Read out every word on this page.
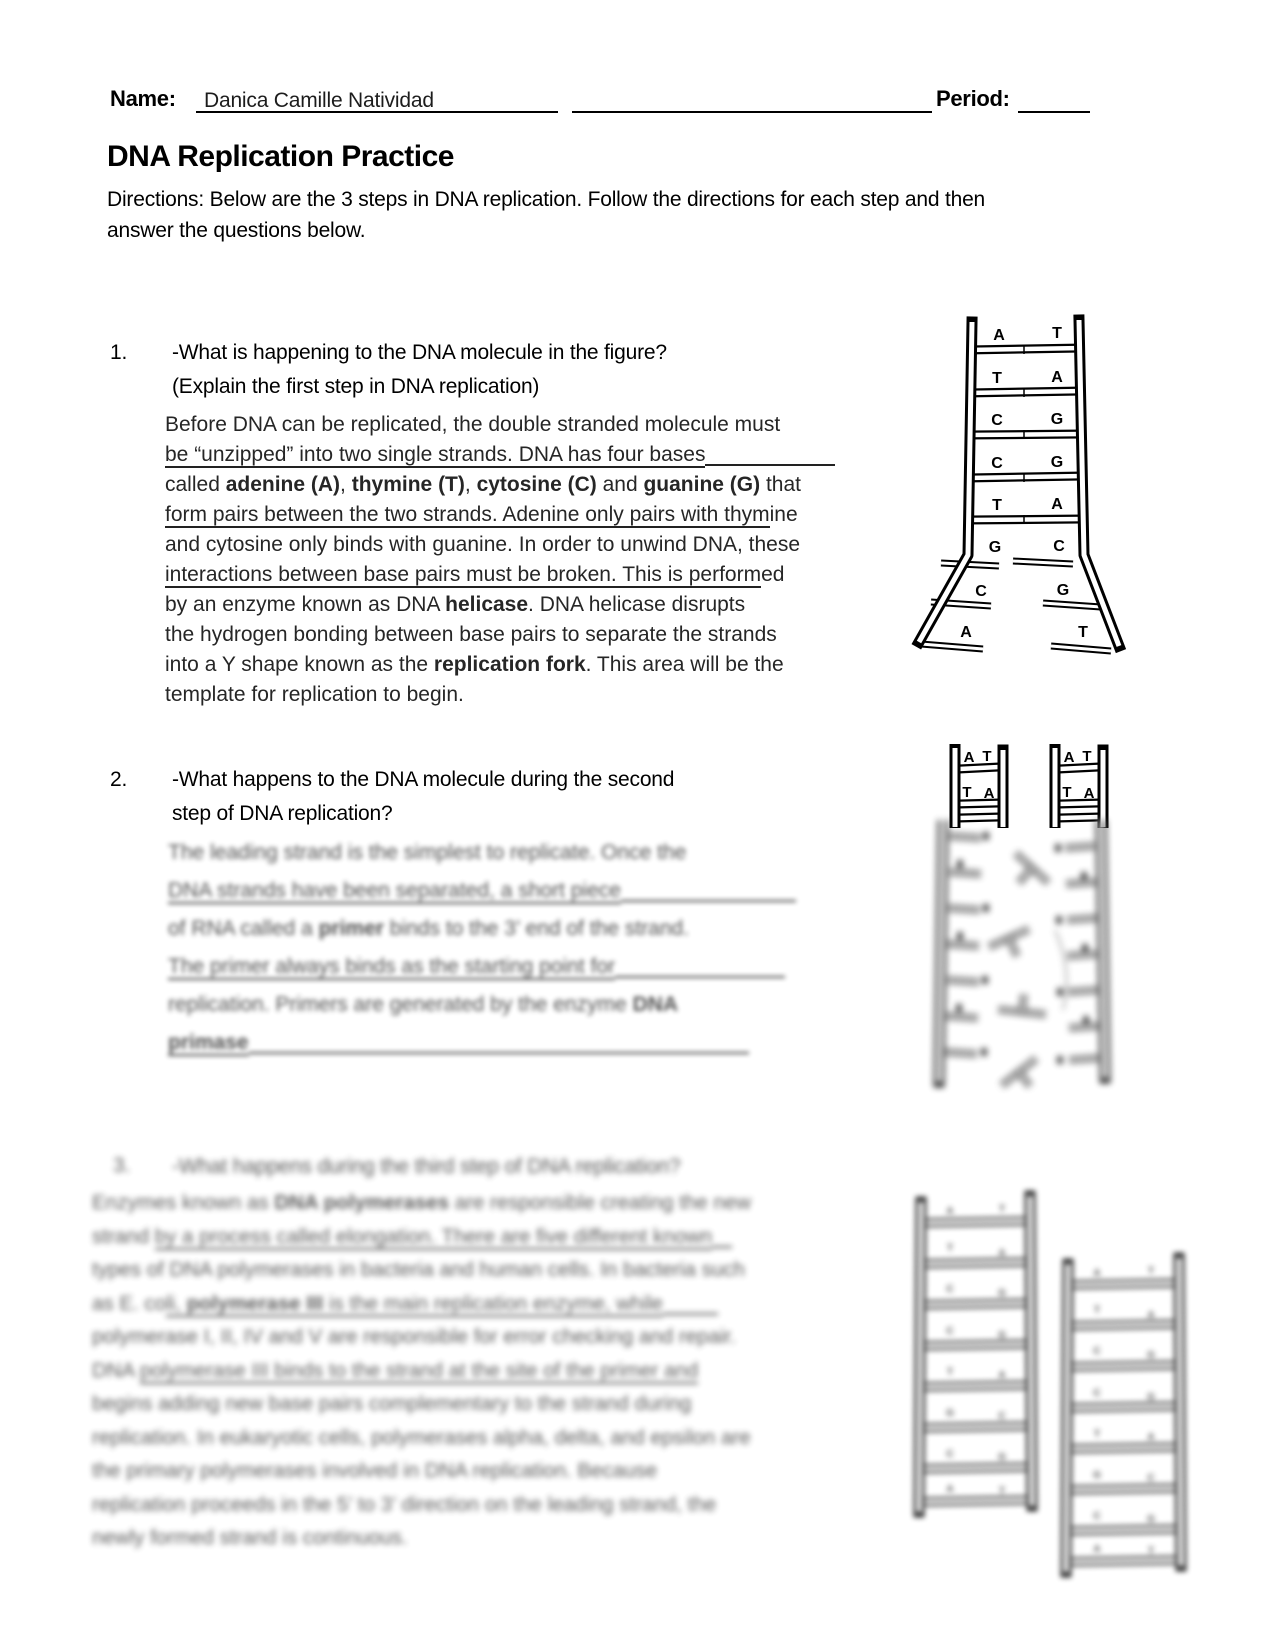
Name: Danica Camille Natividad	Period:
DNA Replication Practice
Directions: Below are the 3 steps in DNA replication. Follow the directions for each step and then
answer the questions below.
1. -What is happening to the DNA molecule in the figure?
(Explain the first step in DNA replication)
Before DNA can be replicated, the double stranded molecule must
be “unzipped” into two single strands. DNA has four bases
called adenine (A), thymine (T), cytosine (C) and guanine (G) that
form pairs between the two strands. Adenine only pairs with thymine
and cytosine only binds with guanine. In order to unwind DNA, these
interactions between base pairs must be broken. This is performed
by an enzyme known as DNA helicase. DNA helicase disrupts
the hydrogen bonding between base pairs to separate the strands
into a Y shape known as the replication fork. This area will be the
template for replication to begin.
A	T
T	A
C	G
C	G
T	A
G	C
C	G
A	T
2. -What happens to the DNA molecule during the second
step of DNA replication?
The leading strand is the simplest to replicate. Once the
DNA strands have been separated, a short piece
of RNA called a primer binds to the 3’ end of the strand.
The primer always binds as the starting point for
replication. Primers are generated by the enzyme DNA
primase
A T
T A
A T
T A
3. -What happens during the third step of DNA replication?
Enzymes known as DNA polymerases are responsible creating the new
strand by a process called elongation. There are five different known
types of DNA polymerases in bacteria and human cells. In bacteria such
as E. coli, polymerase III is the main replication enzyme, while
polymerase I, II, IV and V are responsible for error checking and repair.
DNA polymerase III binds to the strand at the site of the primer and
begins adding new base pairs complementary to the strand during
replication. In eukaryotic cells, polymerases alpha, delta, and epsilon are
the primary polymerases involved in DNA replication. Because
replication proceeds in the 5’ to 3’ direction on the leading strand, the
newly formed strand is continuous.
A	T
T	A
C	G
C	G
T	A
G	C
C	G
A	T
A	T
T	A
C	G
C	G
T	A
G	C
C	G
A	T
